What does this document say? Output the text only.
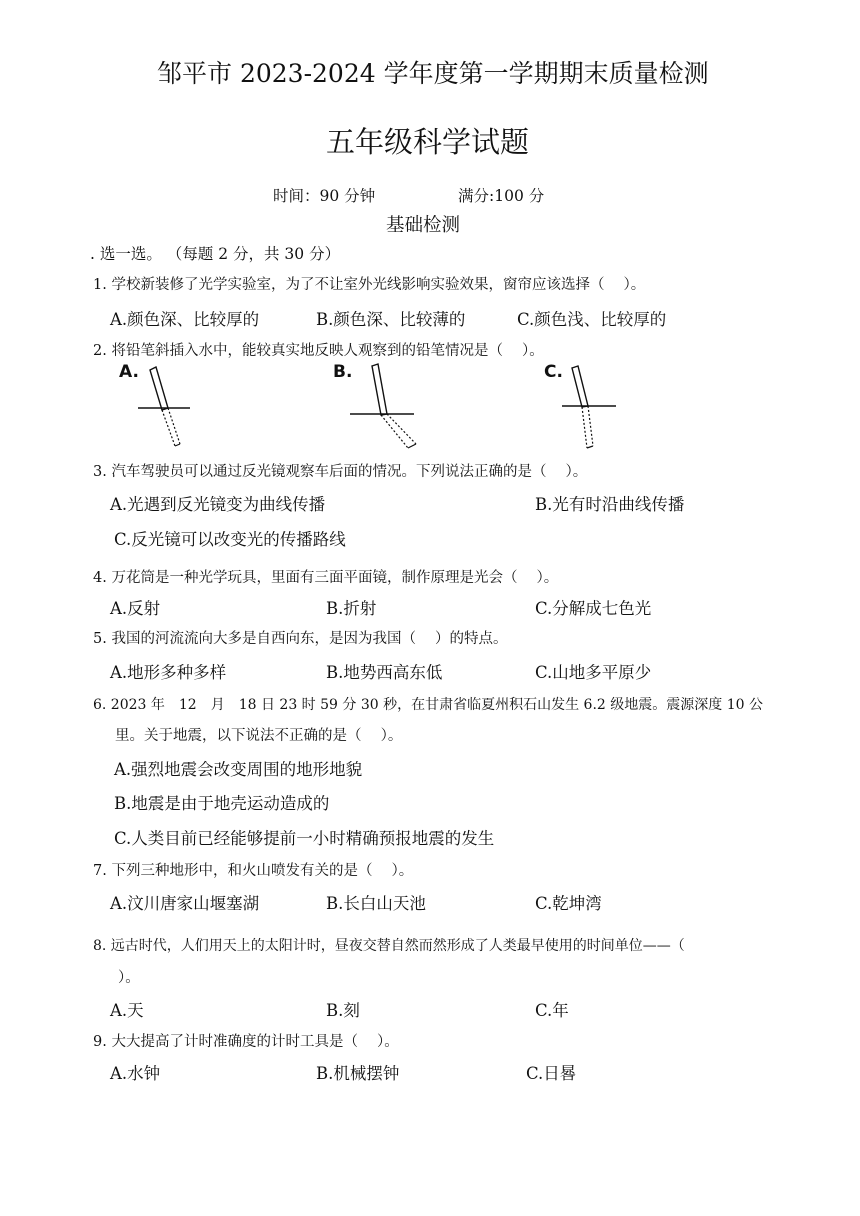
邹平市 2023-2024 学年度第一学期期末质量检测
五年级科学试题
时间：90 分钟	满分:100 分
基础检测
. 选一选。 （每题 2 分，共 30 分）
1. 学校新装修了光学实验室，为了不让室外光线影响实验效果，窗帘应该选择（　 ）。
A.颜色深、比较厚的	B.颜色深、比较薄的	C.颜色浅、比较厚的
2. 将铅笔斜插入水中，能较真实地反映人观察到的铅笔情况是（　 ）。
A.	B.	C.
3. 汽车驾驶员可以通过反光镜观察车后面的情况。下列说法正确的是（　 ）。
A.光遇到反光镜变为曲线传播	B.光有时沿曲线传播
C.反光镜可以改变光的传播路线
4. 万花筒是一种光学玩具，里面有三面平面镜，制作原理是光会（　 ）。
A.反射	B.折射	C.分解成七色光
5. 我国的河流流向大多是自西向东，是因为我国（　 ）的特点。
A.地形多种多样	B.地势西高东低	C.山地多平原少
6. 2023 年　12　月　18 日 23 时 59 分 30 秒，在甘肃省临夏州积石山发生 6.2 级地震。震源深度 10 公
里。关于地震，以下说法不正确的是（　 ）。
A.强烈地震会改变周围的地形地貌
B.地震是由于地壳运动造成的
C.人类目前已经能够提前一小时精确预报地震的发生
7. 下列三种地形中，和火山喷发有关的是（　 ）。
A.汶川唐家山堰塞湖	B.长白山天池	C.乾坤湾
8. 远古时代，人们用天上的太阳计时，昼夜交替自然而然形成了人类最早使用的时间单位——（
）。
A.天	B.刻	C.年
9. 大大提高了计时准确度的计时工具是（　 ）。
A.水钟	B.机械摆钟	C.日晷
